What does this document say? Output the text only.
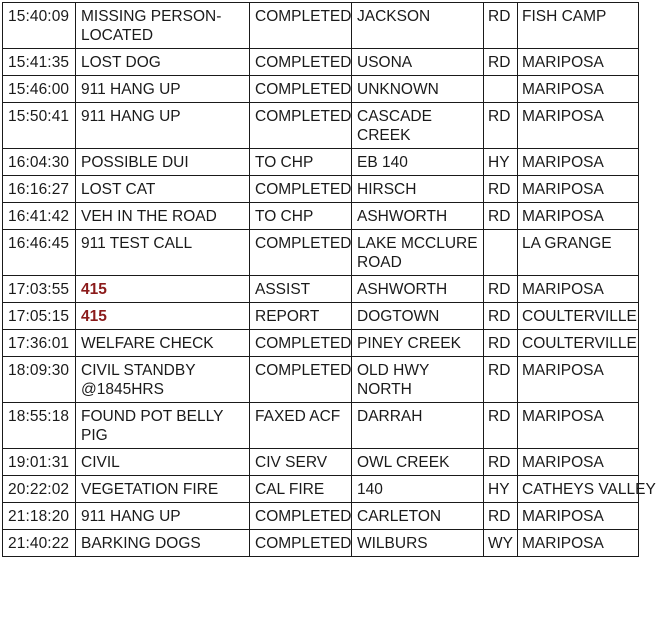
15:40:09	MISSING PERSON-LOCATED	COMPLETED	JACKSON	RD	FISH CAMP
15:41:35	LOST DOG	COMPLETED	USONA	RD	MARIPOSA
15:46:00	911 HANG UP	COMPLETED	UNKNOWN		MARIPOSA
15:50:41	911 HANG UP	COMPLETED	CASCADE CREEK	RD	MARIPOSA
16:04:30	POSSIBLE DUI	TO CHP	EB 140	HY	MARIPOSA
16:16:27	LOST CAT	COMPLETED	HIRSCH	RD	MARIPOSA
16:41:42	VEH IN THE ROAD	TO CHP	ASHWORTH	RD	MARIPOSA
16:46:45	911 TEST CALL	COMPLETED	LAKE MCCLURE ROAD		LA GRANGE
17:03:55	415	ASSIST	ASHWORTH	RD	MARIPOSA
17:05:15	415	REPORT	DOGTOWN	RD	COULTERVILLE
17:36:01	WELFARE CHECK	COMPLETED	PINEY CREEK	RD	COULTERVILLE
18:09:30	CIVIL STANDBY @1845HRS	COMPLETED	OLD HWY NORTH	RD	MARIPOSA
18:55:18	FOUND POT BELLY PIG	FAXED ACF	DARRAH	RD	MARIPOSA
19:01:31	CIVIL	CIV SERV	OWL CREEK	RD	MARIPOSA
20:22:02	VEGETATION FIRE	CAL FIRE	140	HY	CATHEYS VALLEY
21:18:20	911 HANG UP	COMPLETED	CARLETON	RD	MARIPOSA
21:40:22	BARKING DOGS	COMPLETED	WILBURS	WY	MARIPOSA
